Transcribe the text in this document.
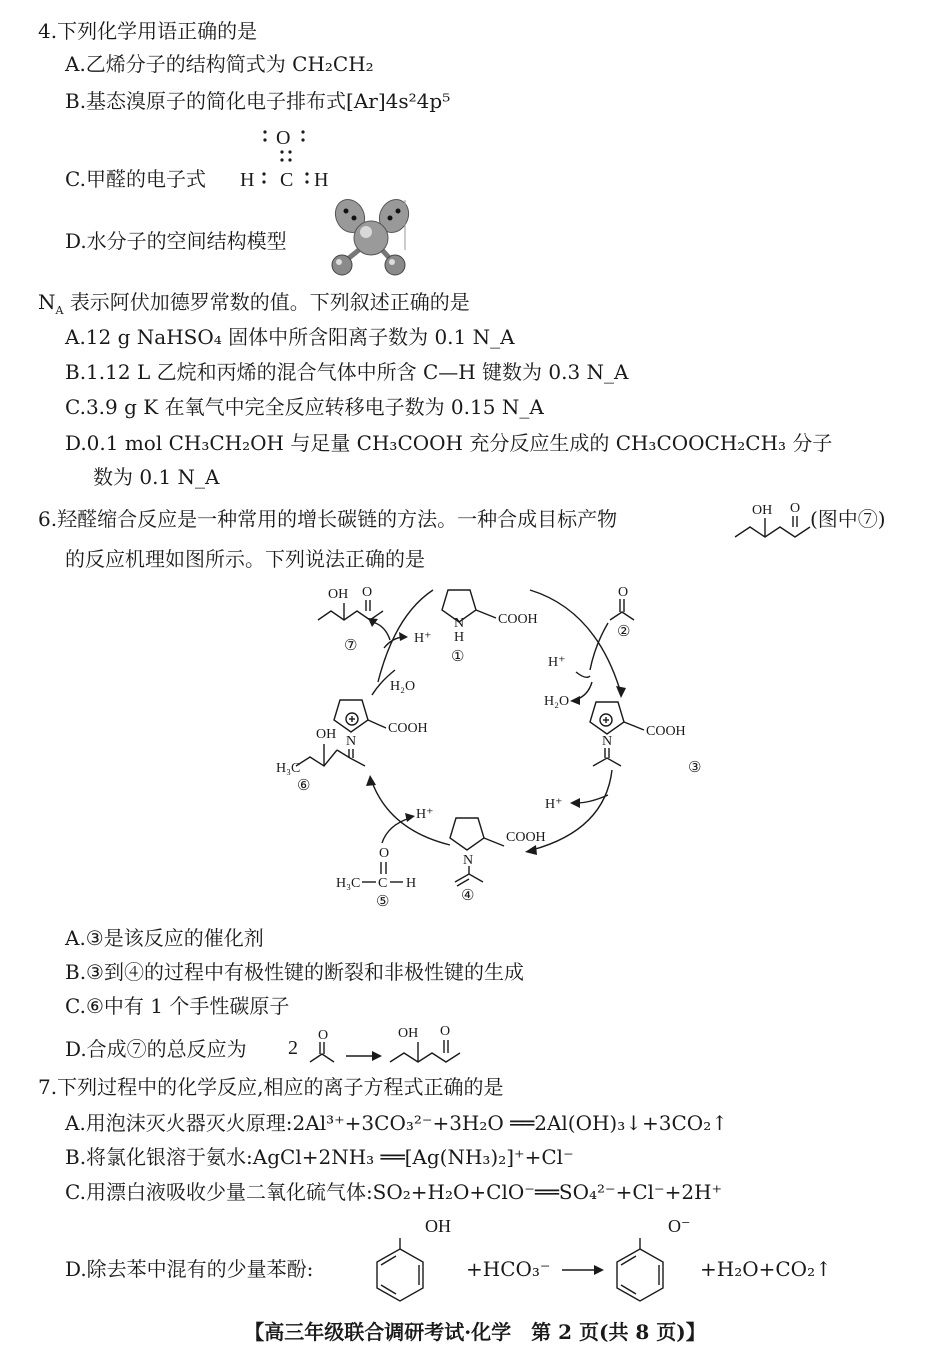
4.下列化学用语正确的是
A.乙烯分子的结构简式为 CH₂CH₂
B.基态溴原子的简化电子排布式[Ar]4s²4p⁵
C.甲醛的电子式
D.水分子的空间结构模型
$N_A$ 表示阿伏加德罗常数的值。下列叙述正确的是
A.12 g NaHSO₄ 固体中所含阳离子数为 0.1 N_A
B.1.12 L 乙烷和丙烯的混合气体中所含 C—H 键数为 0.3 N_A
C.3.9 g K 在氧气中完全反应转移电子数为 0.15 N_A
D.0.1 mol CH₃CH₂OH 与足量 CH₃COOH 充分反应生成的 CH₃COOCH₂CH₃ 分子
数为 0.1 N_A
6.羟醛缩合反应是一种常用的增长碳链的方法。一种合成目标产物	(图中⑦)
的反应机理如图所示。下列说法正确的是
A.③是该反应的催化剂
B.③到④的过程中有极性键的断裂和非极性键的生成
C.⑥中有 1 个手性碳原子
D.合成⑦的总反应为
7.下列过程中的化学反应,相应的离子方程式正确的是
A.用泡沫灭火器灭火原理:2Al³⁺+3CO₃²⁻+3H₂O ══2Al(OH)₃↓+3CO₂↑
B.将氯化银溶于氨水:AgCl+2NH₃ ══[Ag(NH₃)₂]⁺+Cl⁻
C.用漂白液吸收少量二氧化硫气体:SO₂+H₂O+ClO⁻══SO₄²⁻+Cl⁻+2H⁺
D.除去苯中混有的少量苯酚:	+HCO₃⁻	+H₂O+CO₂↑
【高三年级联合调研考试·化学　第 2 页(共 8 页)】
O
H C H
OH O
OH O
⑦
COOH
N
H
①
O
②
COOH
N
③
COOH
N
④
O
H₃C C H
⑤
COOH
N
OH
H₃C
⑥
H⁺
H₂O
H⁺
H₂O
H⁺
H⁺
2
O	OH O
OH	O⁻
